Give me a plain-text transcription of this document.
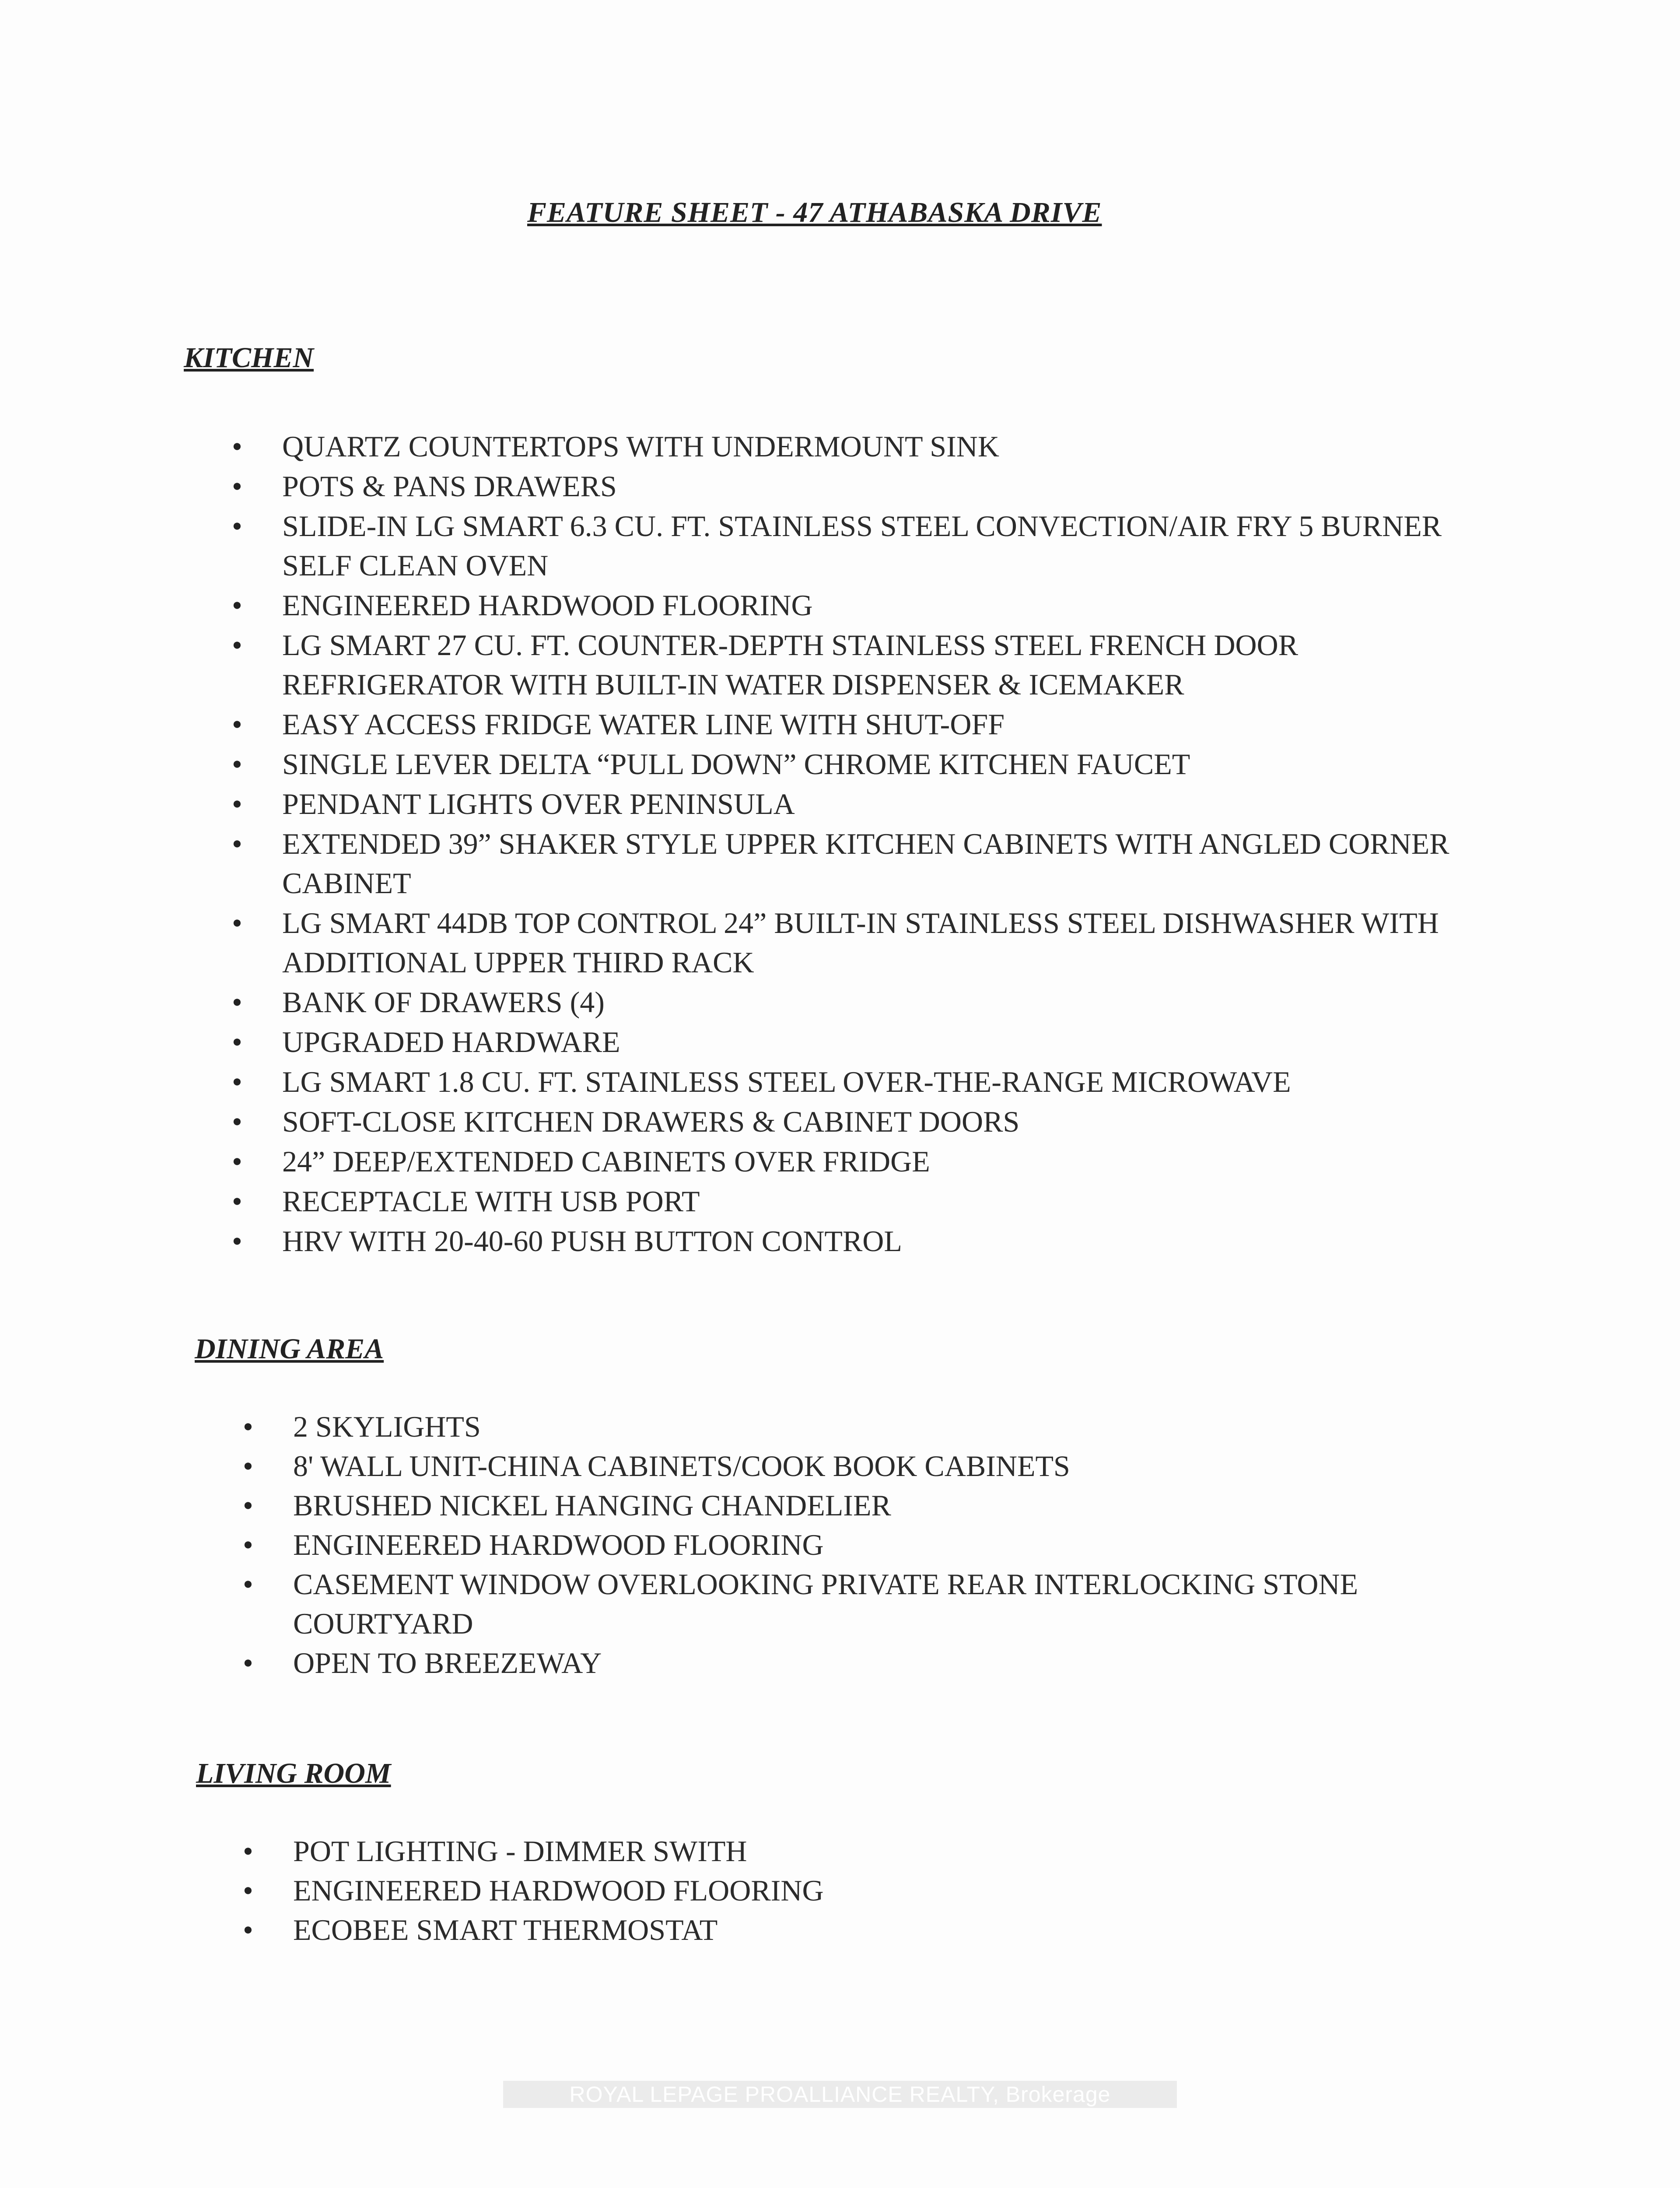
FEATURE SHEET - 47 ATHABASKA DRIVE
KITCHEN
• QUARTZ COUNTERTOPS WITH UNDERMOUNT SINK
• POTS & PANS DRAWERS
• SLIDE-IN LG SMART 6.3 CU. FT. STAINLESS STEEL CONVECTION/AIR FRY 5 BURNER SELF CLEAN OVEN
• ENGINEERED HARDWOOD FLOORING
• LG SMART 27 CU. FT. COUNTER-DEPTH STAINLESS STEEL FRENCH DOOR REFRIGERATOR WITH BUILT-IN WATER DISPENSER & ICEMAKER
• EASY ACCESS FRIDGE WATER LINE WITH SHUT-OFF
• SINGLE LEVER DELTA “PULL DOWN” CHROME KITCHEN FAUCET
• PENDANT LIGHTS OVER PENINSULA
• EXTENDED 39” SHAKER STYLE UPPER KITCHEN CABINETS WITH ANGLED CORNER CABINET
• LG SMART 44DB TOP CONTROL 24” BUILT-IN STAINLESS STEEL DISHWASHER WITH ADDITIONAL UPPER THIRD RACK
• BANK OF DRAWERS (4)
• UPGRADED HARDWARE
• LG SMART 1.8 CU. FT. STAINLESS STEEL OVER-THE-RANGE MICROWAVE
• SOFT-CLOSE KITCHEN DRAWERS & CABINET DOORS
• 24” DEEP/EXTENDED CABINETS OVER FRIDGE
• RECEPTACLE WITH USB PORT
• HRV WITH 20-40-60 PUSH BUTTON CONTROL
DINING AREA
• 2 SKYLIGHTS
• 8' WALL UNIT-CHINA CABINETS/COOK BOOK CABINETS
• BRUSHED NICKEL HANGING CHANDELIER
• ENGINEERED HARDWOOD FLOORING
• CASEMENT WINDOW OVERLOOKING PRIVATE REAR INTERLOCKING STONE COURTYARD
• OPEN TO BREEZEWAY
LIVING ROOM
• POT LIGHTING - DIMMER SWITH
• ENGINEERED HARDWOOD FLOORING
• ECOBEE SMART THERMOSTAT
ROYAL LEPAGE PROALLIANCE REALTY, Brokerage
